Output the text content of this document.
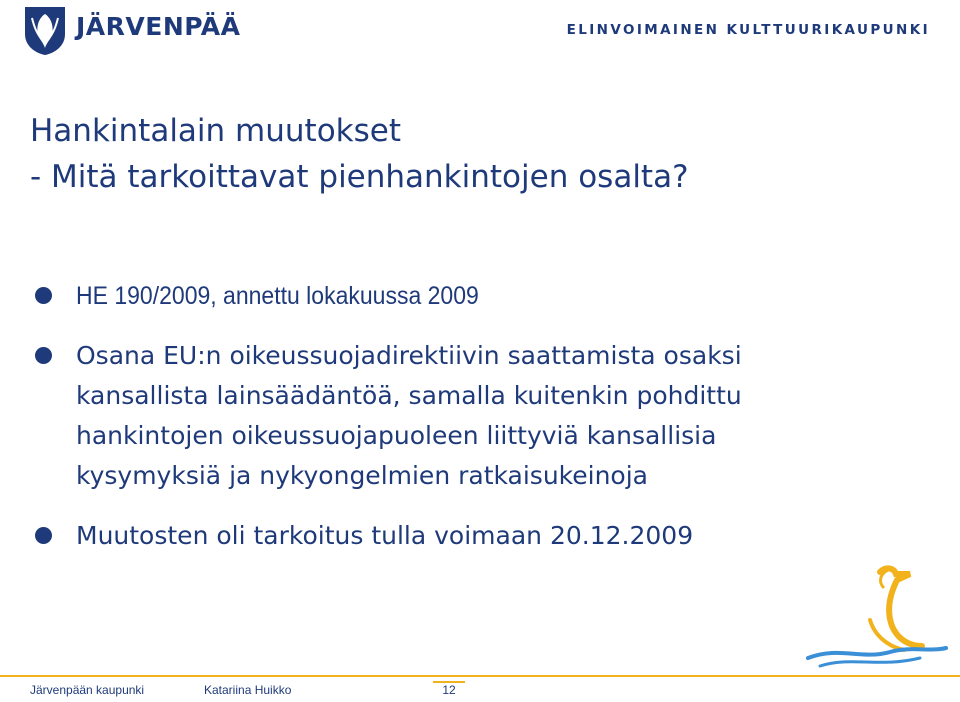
JÄRVENPÄÄ	ELINVOIMAINEN KULTTUURIKAUPUNKI
Hankintalain muutokset
- Mitä tarkoittavat pienhankintojen osalta?
HE 190/2009, annettu lokakuussa 2009
Osana EU:n oikeussuojadirektiivin saattamista osaksi
kansallista lainsäädäntöä, samalla kuitenkin pohdittu
hankintojen oikeussuojapuoleen liittyviä kansallisia
kysymyksiä ja nykyongelmien ratkaisukeinoja
Muutosten oli tarkoitus tulla voimaan 20.12.2009
Järvenpään kaupunki	Katariina Huikko	12
